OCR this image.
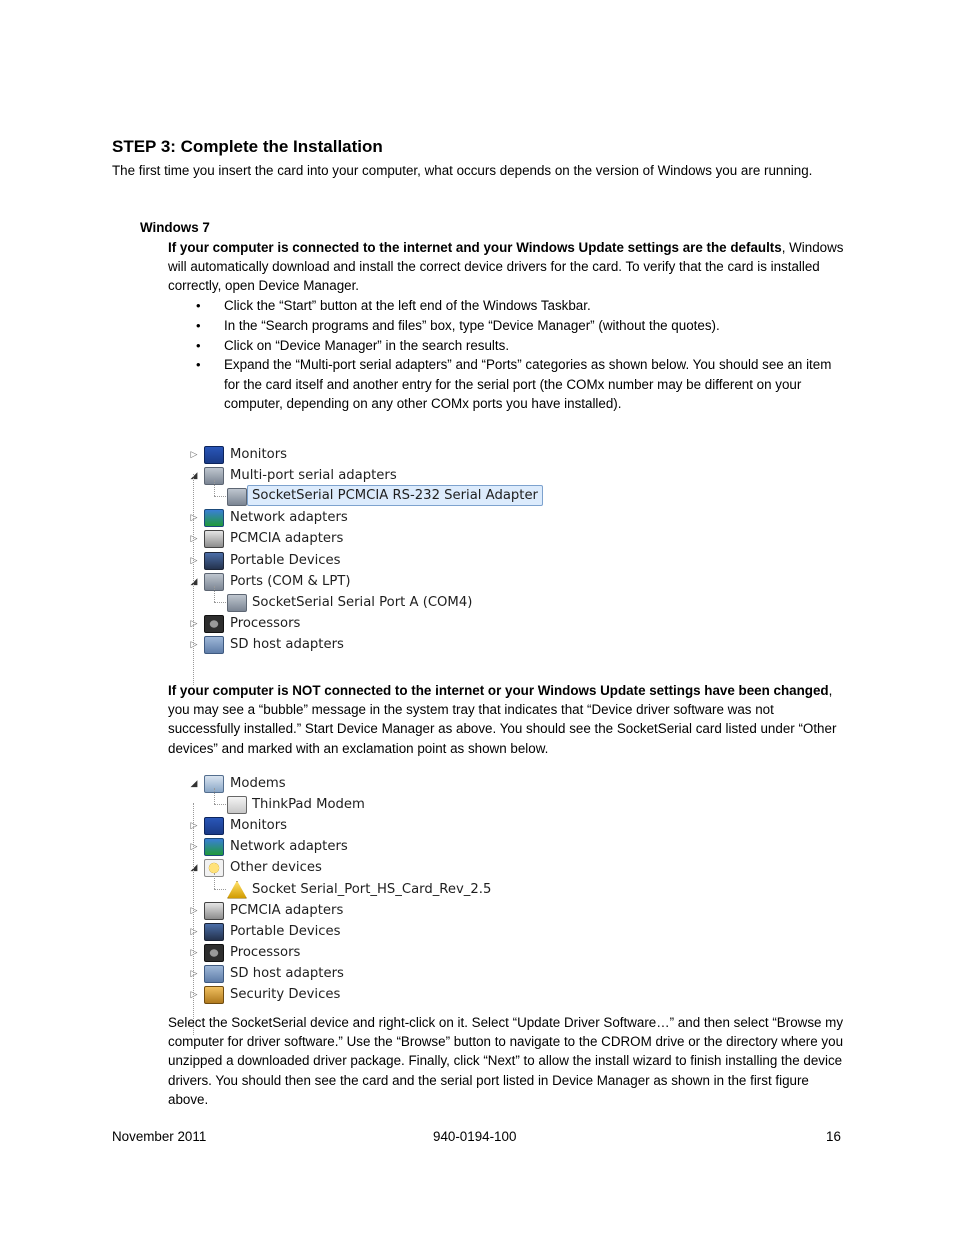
STEP 3: Complete the Installation
The first time you insert the card into your computer, what occurs depends on the version of Windows you are running.
Windows 7
If your computer is connected to the internet and your Windows Update settings are the defaults, Windows will automatically download and install the correct device drivers for the card. To verify that the card is installed correctly, open Device Manager.
• Click the “Start” button at the left end of the Windows Taskbar.
• In the “Search programs and files” box, type “Device Manager” (without the quotes).
• Click on “Device Manager” in the search results.
• Expand the “Multi-port serial adapters” and “Ports” categories as shown below. You should see an item for the card itself and another entry for the serial port (the COMx number may be different on your computer, depending on any other COMx ports you have installed).
▷ Monitors
◢ Multi-port serial adapters
SocketSerial PCMCIA RS-232 Serial Adapter
▷ Network adapters
▷ PCMCIA adapters
▷ Portable Devices
◢ Ports (COM & LPT)
SocketSerial Serial Port A (COM4)
▷ Processors
▷ SD host adapters
If your computer is NOT connected to the internet or your Windows Update settings have been changed, you may see a “bubble” message in the system tray that indicates that “Device driver software was not successfully installed.” Start Device Manager as above. You should see the SocketSerial card listed under “Other devices” and marked with an exclamation point as shown below.
◢ Modems
ThinkPad Modem
▷ Monitors
▷ Network adapters
◢ Other devices
Socket Serial_Port_HS_Card_Rev_2.5
▷ PCMCIA adapters
▷ Portable Devices
▷ Processors
▷ SD host adapters
▷ Security Devices
Select the SocketSerial device and right-click on it. Select “Update Driver Software…” and then select “Browse my computer for driver software.” Use the “Browse” button to navigate to the CDROM drive or the directory where you unzipped a downloaded driver package. Finally, click “Next” to allow the install wizard to finish installing the device drivers. You should then see the card and the serial port listed in Device Manager as shown in the first figure above.
November 2011	940-0194-100	16
